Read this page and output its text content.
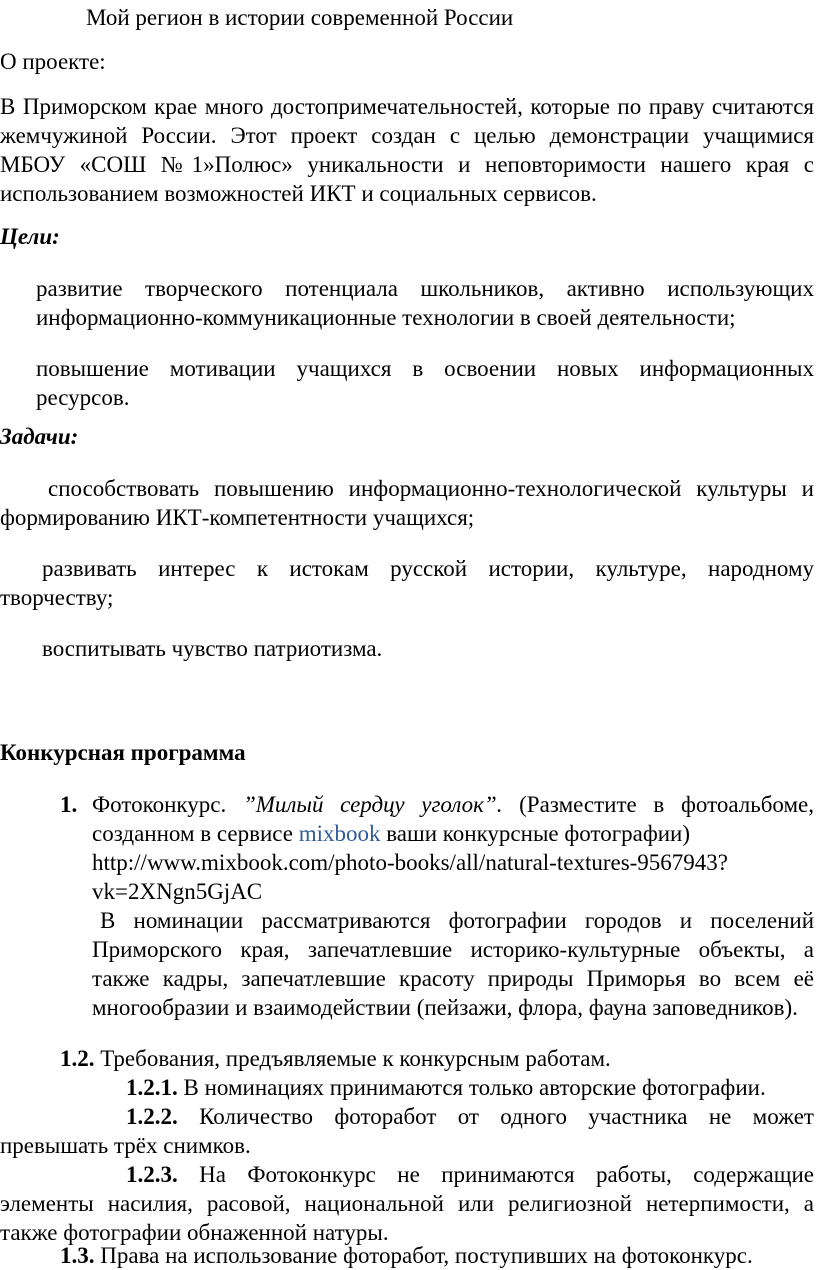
Мой регион в истории современной России

О проекте:

В Приморском крае много достопримечательностей, которые по праву считаются жемчужиной России. Этот проект создан с целью демонстрации учащимися МБОУ «СОШ №1»Полюс» уникальности и неповторимости нашего края с использованием возможностей ИКТ и социальных сервисов.

Цели:

развитие творческого потенциала школьников, активно использующих информационно-коммуникационные технологии в своей деятельности;

повышение мотивации учащихся в освоении новых информационных ресурсов.

Задачи:

способствовать повышению информационно-технологической культуры и формированию ИКТ-компетентности учащихся;

развивать интерес к истокам русской истории, культуре, народному творчеству;

воспитывать чувство патриотизма.

Конкурсная программа

1. Фотоконкурс. ”Милый сердцу уголок”. (Разместите в фотоальбоме, созданном в сервисе mixbook ваши конкурсные фотографии)
http://www.mixbook.com/photo-books/all/natural-textures-9567943?vk=2XNgn5GjAC

В номинации рассматриваются фотографии городов и поселений Приморского края, запечатлевшие историко-культурные объекты, а также кадры, запечатлевшие красоту природы Приморья во всем её многообразии и взаимодействии (пейзажи, флора, фауна заповедников).

1.2. Требования, предъявляемые к конкурсным работам.

1.2.1. В номинациях принимаются только авторские фотографии.

1.2.2. Количество фоторабот от одного участника не может превышать трёх снимков.

1.2.3. На Фотоконкурс не принимаются работы, содержащие элементы насилия, расовой, национальной или религиозной нетерпимости, а также фотографии обнаженной натуры.

1.3. Права на использование фоторабот, поступивших на фотоконкурс.
